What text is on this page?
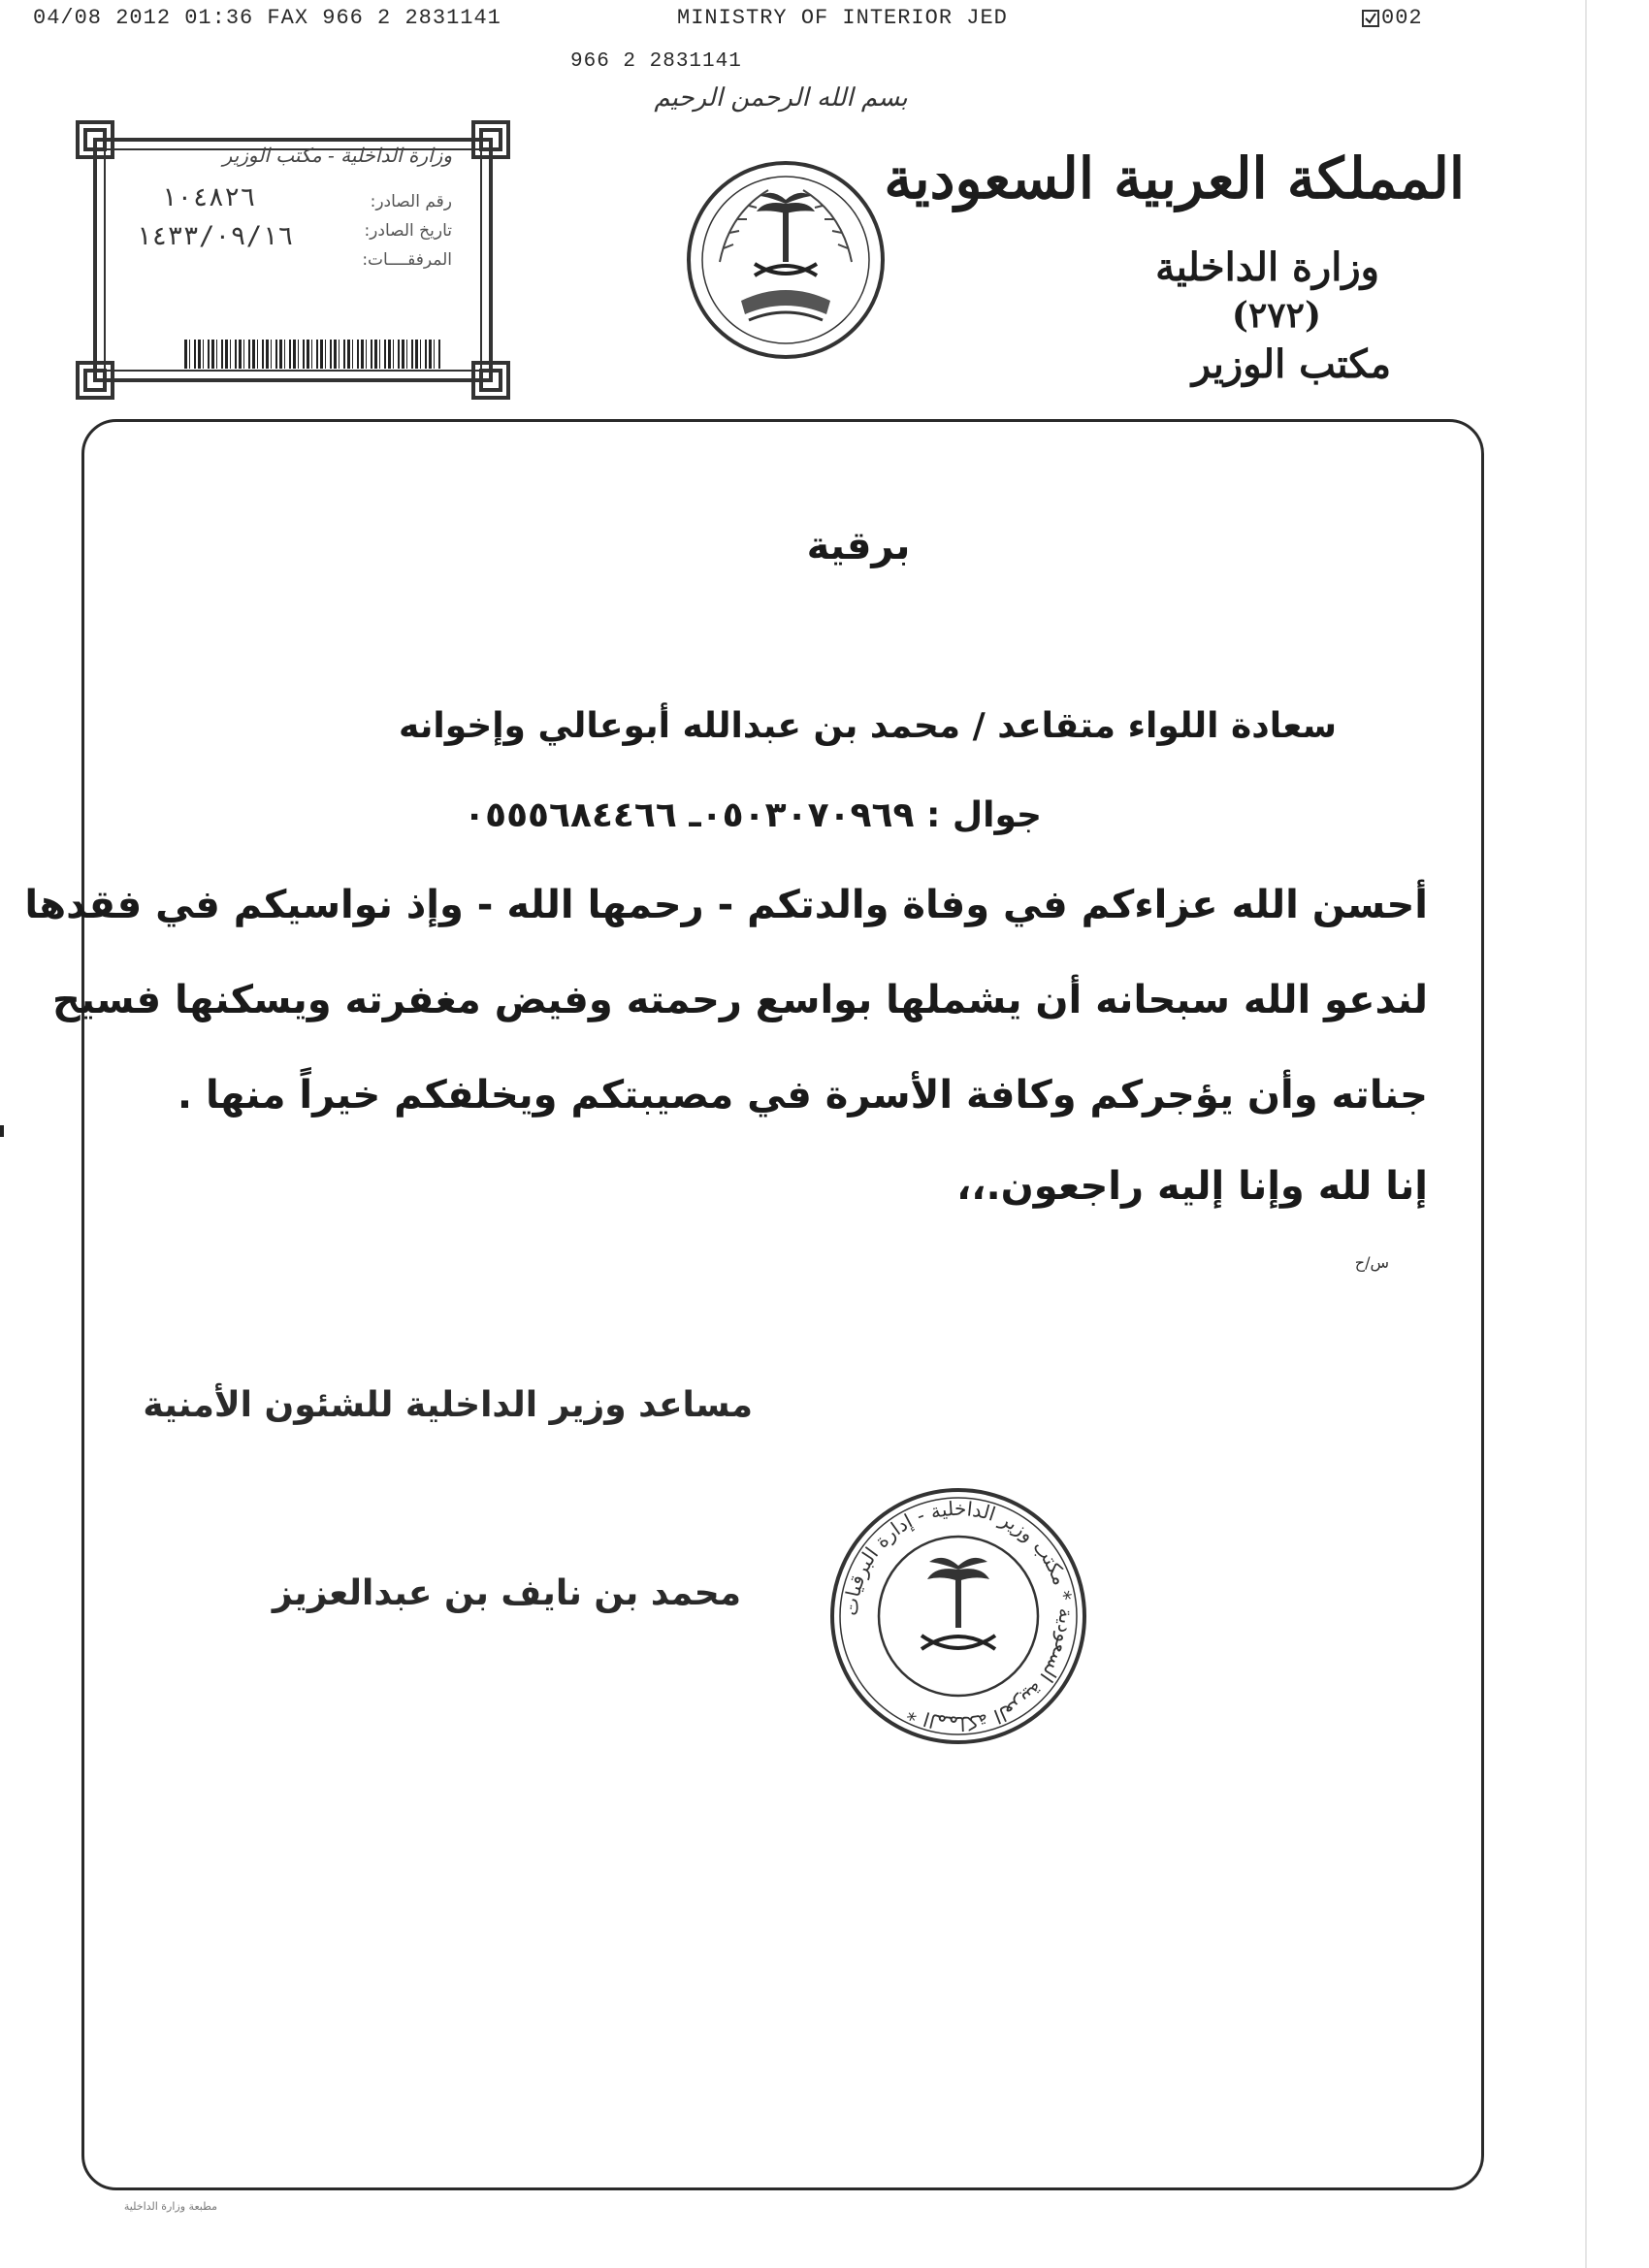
04/08 2012 01:36 FAX 966 2 2831141	MINISTRY OF INTERIOR JED	002
966 2 2831141
بسم الله الرحمن الرحيم
وزارة الداخلية - مكتب الوزير
رقم الصادر:
١٠٤٨٢٦
تاريخ الصادر:
١٤٣٣/٠٩/١٦
المرفقــــات:
المملكة العربية السعودية
وزارة الداخلية
(٢٧٢)
مكتب الوزير
برقية
سعادة اللواء متقاعد / محمد بن عبدالله أبوعالي وإخوانه
جوال : ٠٥٠٣٠٧٠٩٦٩ـ ٠٥٥٥٦٨٤٤٦٦
أحسن الله عزاءكم في وفاة والدتكم - رحمها الله - وإذ نواسيكم في فقدها
لندعو الله سبحانه أن يشملها بواسع رحمته وفيض مغفرته ويسكنها فسيح
جناته وأن يؤجركم وكافة الأسرة في مصيبتكم ويخلفكم خيراً منها .
إنا لله وإنا إليه راجعون.،،
س/ح
مساعد وزير الداخلية للشئون الأمنية
محمد بن نايف بن عبدالعزيز	المملكة العربية السعودية * مكتب وزير الداخلية - إدارة البرقيات *
مطبعة وزارة الداخلية
